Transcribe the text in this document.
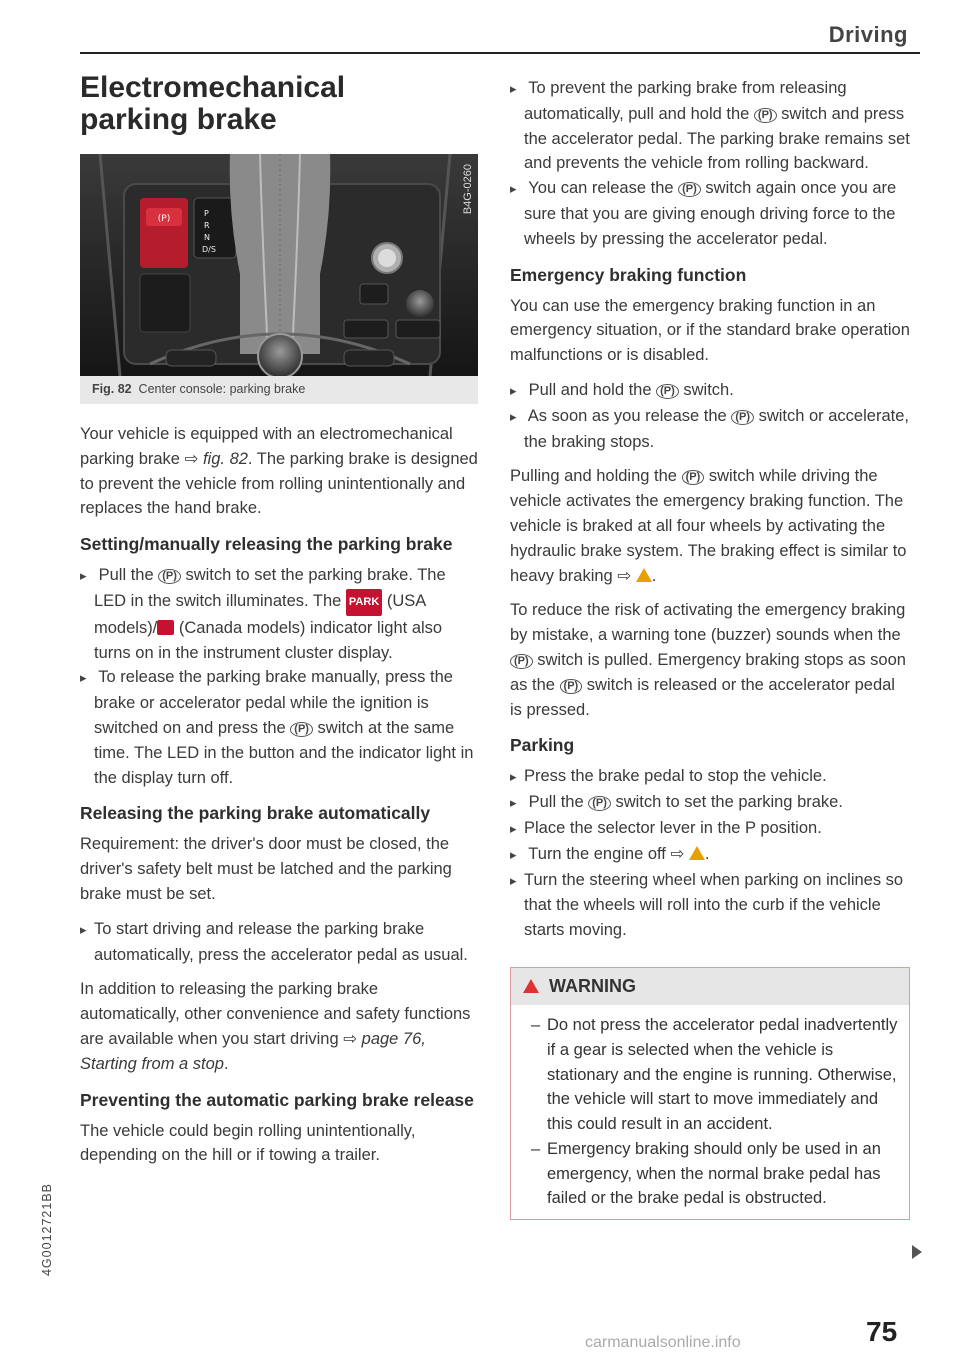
Driving
Electromechanical
parking brake
(P)
P
R
N
D/S
B4G-0260
Fig. 82 Center console: parking brake

Your vehicle is equipped with an electromechanical parking brake ⇨ fig. 82. The parking brake is designed to prevent the vehicle from rolling unintentionally and replaces the hand brake.

Setting/manually releasing the parking brake
▸ Pull the (P) switch to set the parking brake. The LED in the switch illuminates. The PARK (USA models)/ (Canada models) indicator light also turns on in the instrument cluster display.
▸ To release the parking brake manually, press the brake or accelerator pedal while the ignition is switched on and press the (P) switch at the same time. The LED in the button and the indicator light in the display turn off.
Releasing the parking brake automatically

Requirement: the driver's door must be closed, the driver's safety belt must be latched and the parking brake must be set.

▸ To start driving and release the parking brake automatically, press the accelerator pedal as usual.

In addition to releasing the parking brake automatically, other convenience and safety functions are available when you start driving ⇨ page 76, Starting from a stop.

Preventing the automatic parking brake release

The vehicle could begin rolling unintentionally, depending on the hill or if towing a trailer.

▸ To prevent the parking brake from releasing automatically, pull and hold the (P) switch and press the accelerator pedal. The parking brake remains set and prevents the vehicle from rolling backward.
▸ You can release the (P) switch again once you are sure that you are giving enough driving force to the wheels by pressing the accelerator pedal.
Emergency braking function

You can use the emergency braking function in an emergency situation, or if the standard brake operation malfunctions or is disabled.

▸ Pull and hold the (P) switch.
▸ As soon as you release the (P) switch or accelerate, the braking stops.

Pulling and holding the (P) switch while driving the vehicle activates the emergency braking function. The vehicle is braked at all four wheels by activating the hydraulic brake system. The braking effect is similar to heavy braking ⇨ .

To reduce the risk of activating the emergency braking by mistake, a warning tone (buzzer) sounds when the (P) switch is pulled. Emergency braking stops as soon as the (P) switch is released or the accelerator pedal is pressed.

Parking
▸ Press the brake pedal to stop the vehicle.
▸ Pull the (P) switch to set the parking brake.
▸ Place the selector lever in the P position.
▸ Turn the engine off ⇨ .
▸ Turn the steering wheel when parking on inclines so that the wheels will roll into the curb if the vehicle starts moving.
WARNING
– Do not press the accelerator pedal inadvertently if a gear is selected when the vehicle is stationary and the engine is running. Otherwise, the vehicle will start to move immediately and this could result in an accident.
– Emergency braking should only be used in an emergency, when the normal brake pedal has failed or the brake pedal is obstructed.
75
4G0012721BB
carmanualsonline.info
